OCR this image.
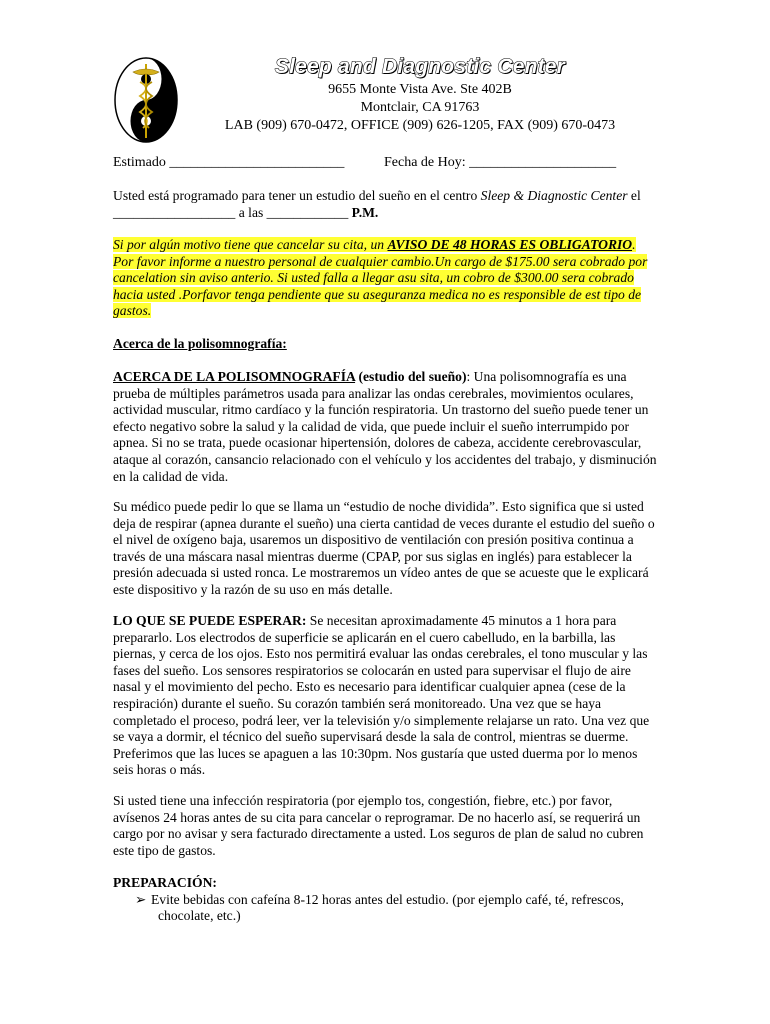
Sleep and Diagnostic Center
9655 Monte Vista Ave. Ste 402B
Montclair, CA 91763
LAB (909) 670-0472, OFFICE (909) 626-1205, FAX (909) 670-0473
Estimado _________________________	Fecha de Hoy: _____________________

Usted está programado para tener un estudio del sueño en el centro Sleep & Diagnostic Center el

__________________ a las ____________ P.M.

Si por algún motivo tiene que cancelar su cita, un AVISO DE 48 HORAS ES OBLIGATORIO. Por favor informe a nuestro personal de cualquier cambio.Un cargo de $175.00 sera cobrado por cancelation sin aviso anterio. Si usted falla a llegar asu sita, un cobro de $300.00 sera cobrado hacia usted .Porfavor tenga pendiente que su aseguranza medica no es responsible de est tipo de gastos.

Acerca de la polisomnografía:

ACERCA DE LA POLISOMNOGRAFÍA (estudio del sueño): Una polisomnografía es una prueba de múltiples parámetros usada para analizar las ondas cerebrales, movimientos oculares, actividad muscular, ritmo cardíaco y la función respiratoria. Un trastorno del sueño puede tener un efecto negativo sobre la salud y la calidad de vida, que puede incluir el sueño interrumpido por apnea. Si no se trata, puede ocasionar hipertensión, dolores de cabeza, accidente cerebrovascular, ataque al corazón, cansancio relacionado con el vehículo y los accidentes del trabajo, y disminución en la calidad de vida.

Su médico puede pedir lo que se llama un “estudio de noche dividida”. Esto significa que si usted deja de respirar (apnea durante el sueño) una cierta cantidad de veces durante el estudio del sueño o el nivel de oxígeno baja, usaremos un dispositivo de ventilación con presión positiva continua a través de una máscara nasal mientras duerme (CPAP, por sus siglas en inglés) para establecer la presión adecuada si usted ronca. Le mostraremos un vídeo antes de que se acueste que le explicará este dispositivo y la razón de su uso en más detalle.

LO QUE SE PUEDE ESPERAR: Se necesitan aproximadamente 45 minutos a 1 hora para prepararlo. Los electrodos de superficie se aplicarán en el cuero cabelludo, en la barbilla, las piernas, y cerca de los ojos. Esto nos permitirá evaluar las ondas cerebrales, el tono muscular y las fases del sueño. Los sensores respiratorios se colocarán en usted para supervisar el flujo de aire nasal y el movimiento del pecho. Esto es necesario para identificar cualquier apnea (cese de la respiración) durante el sueño. Su corazón también será monitoreado. Una vez que se haya completado el proceso, podrá leer, ver la televisión y/o simplemente relajarse un rato. Una vez que se vaya a dormir, el técnico del sueño supervisará desde la sala de control, mientras se duerme. Preferimos que las luces se apaguen a las 10:30pm. Nos gustaría que usted duerma por lo menos seis horas o más.

Si usted tiene una infección respiratoria (por ejemplo tos, congestión, fiebre, etc.) por favor, avísenos 24 horas antes de su cita para cancelar o reprogramar. De no hacerlo así, se requerirá un cargo por no avisar y sera facturado directamente a usted. Los seguros de plan de salud no cubren este tipo de gastos.

PREPARACIÓN:

➢ Evite bebidas con cafeína 8-12 horas antes del estudio. (por ejemplo café, té, refrescos,

chocolate, etc.)
